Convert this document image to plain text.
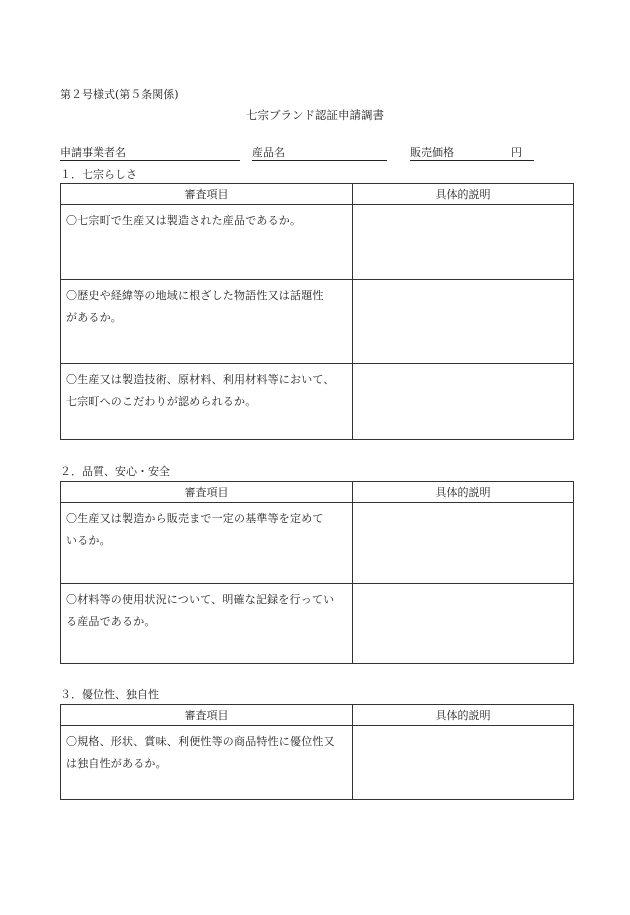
第２号様式(第５条関係)
七宗ブランド認証申請調書
申請事業者名	産品名	販売価格	円
１．七宗らしさ
審査項目	具体的説明

〇七宗町で生産又は製造された産品であるか。	

〇歴史や経緯等の地域に根ざした物語性又は話題性
があるか。	

〇生産又は製造技術、原材料、利用材料等において、
七宗町へのこだわりが認められるか。	

２．品質、安心・安全
審査項目	具体的説明

〇生産又は製造から販売まで一定の基準等を定めて
いるか。	

〇材料等の使用状況について、明確な記録を行ってい
る産品であるか。	

３．優位性、独自性
審査項目	具体的説明

〇規格、形状、賞味、利便性等の商品特性に優位性又
は独自性があるか。	
